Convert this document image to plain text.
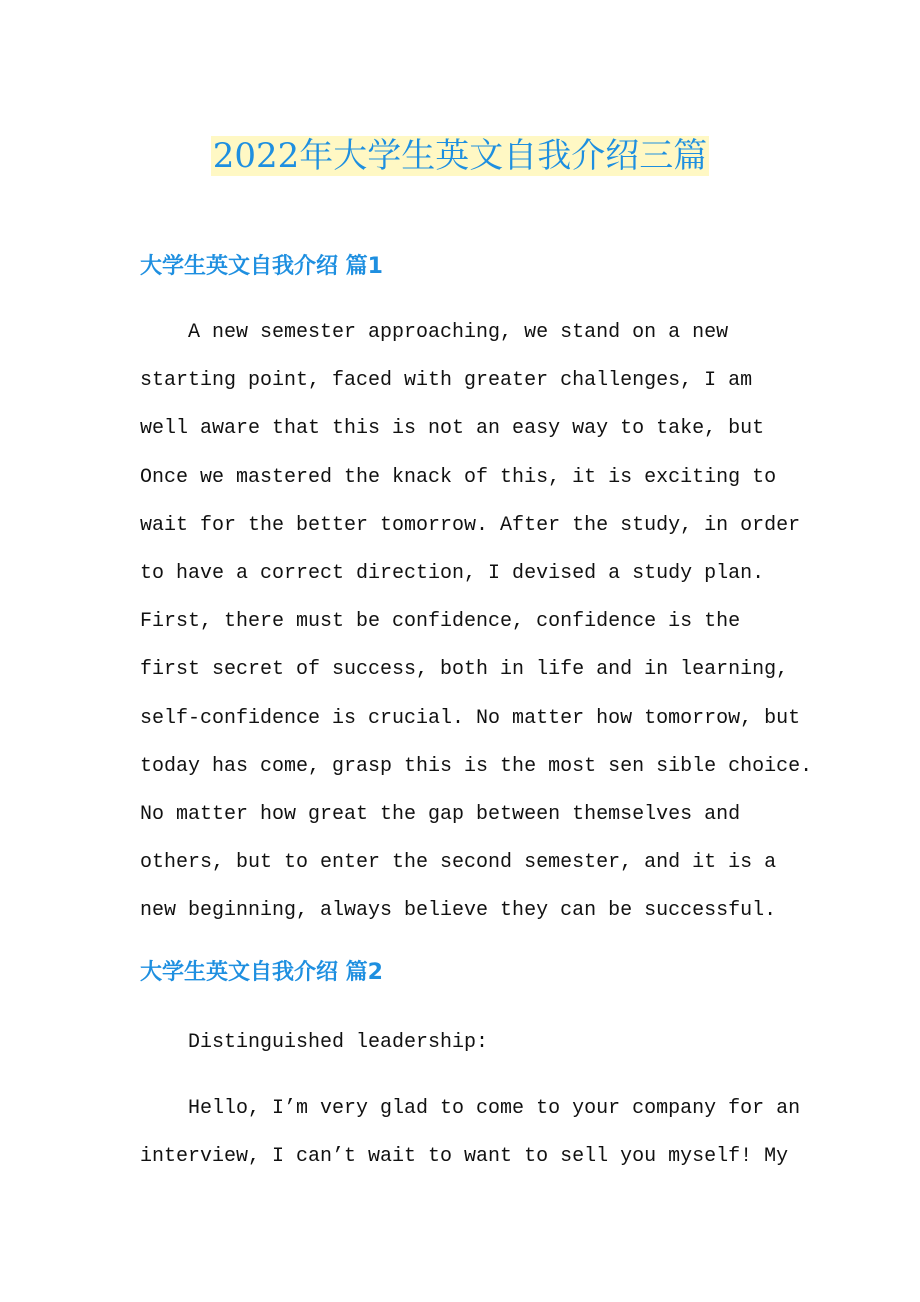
2022年大学生英文自我介绍三篇
大学生英文自我介绍 篇1
A new semester approaching, we stand on a new
starting point, faced with greater challenges, I am
well aware that this is not an easy way to take, but
Once we mastered the knack of this, it is exciting to
wait for the better tomorrow. After the study, in order
to have a correct direction, I devised a study plan.
First, there must be confidence, confidence is the
first secret of success, both in life and in learning,
self-confidence is crucial. No matter how tomorrow, but
today has come, grasp this is the most sen sible choice.
No matter how great the gap between themselves and
others, but to enter the second semester, and it is a
new beginning, always believe they can be successful.
大学生英文自我介绍 篇2
Distinguished leadership:
Hello, I’m very glad to come to your company for an
interview, I can’t wait to want to sell you myself! My
